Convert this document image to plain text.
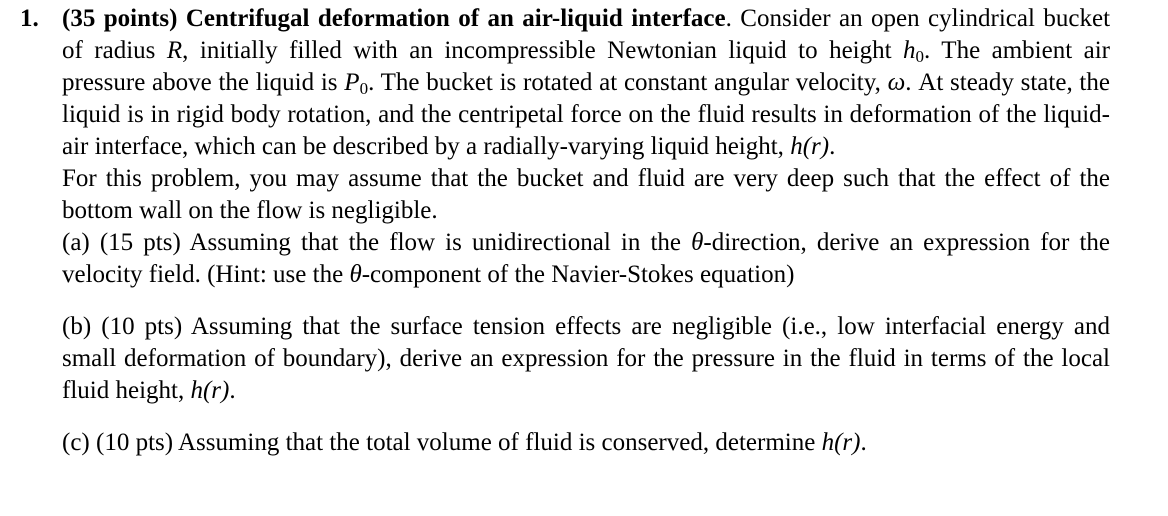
1. (35 points) Centrifugal deformation of an air-liquid interface. Consider an open cylindrical bucket of radius R, initially filled with an incompressible Newtonian liquid to height $h_0$. The ambient air pressure above the liquid is $P_0$. The bucket is rotated at constant angular velocity, ω. At steady state, the liquid is in rigid body rotation, and the centripetal force on the fluid results in deformation of the liquid-air interface, which can be described by a radially-varying liquid height, h(r).

For this problem, you may assume that the bucket and fluid are very deep such that the effect of the bottom wall on the flow is negligible.

(a) (15 pts) Assuming that the flow is unidirectional in the θ-direction, derive an expression for the velocity field. (Hint: use the θ-component of the Navier-Stokes equation)

(b) (10 pts) Assuming that the surface tension effects are negligible (i.e., low interfacial energy and small deformation of boundary), derive an expression for the pressure in the fluid in terms of the local fluid height, h(r).

(c) (10 pts) Assuming that the total volume of fluid is conserved, determine h(r).
